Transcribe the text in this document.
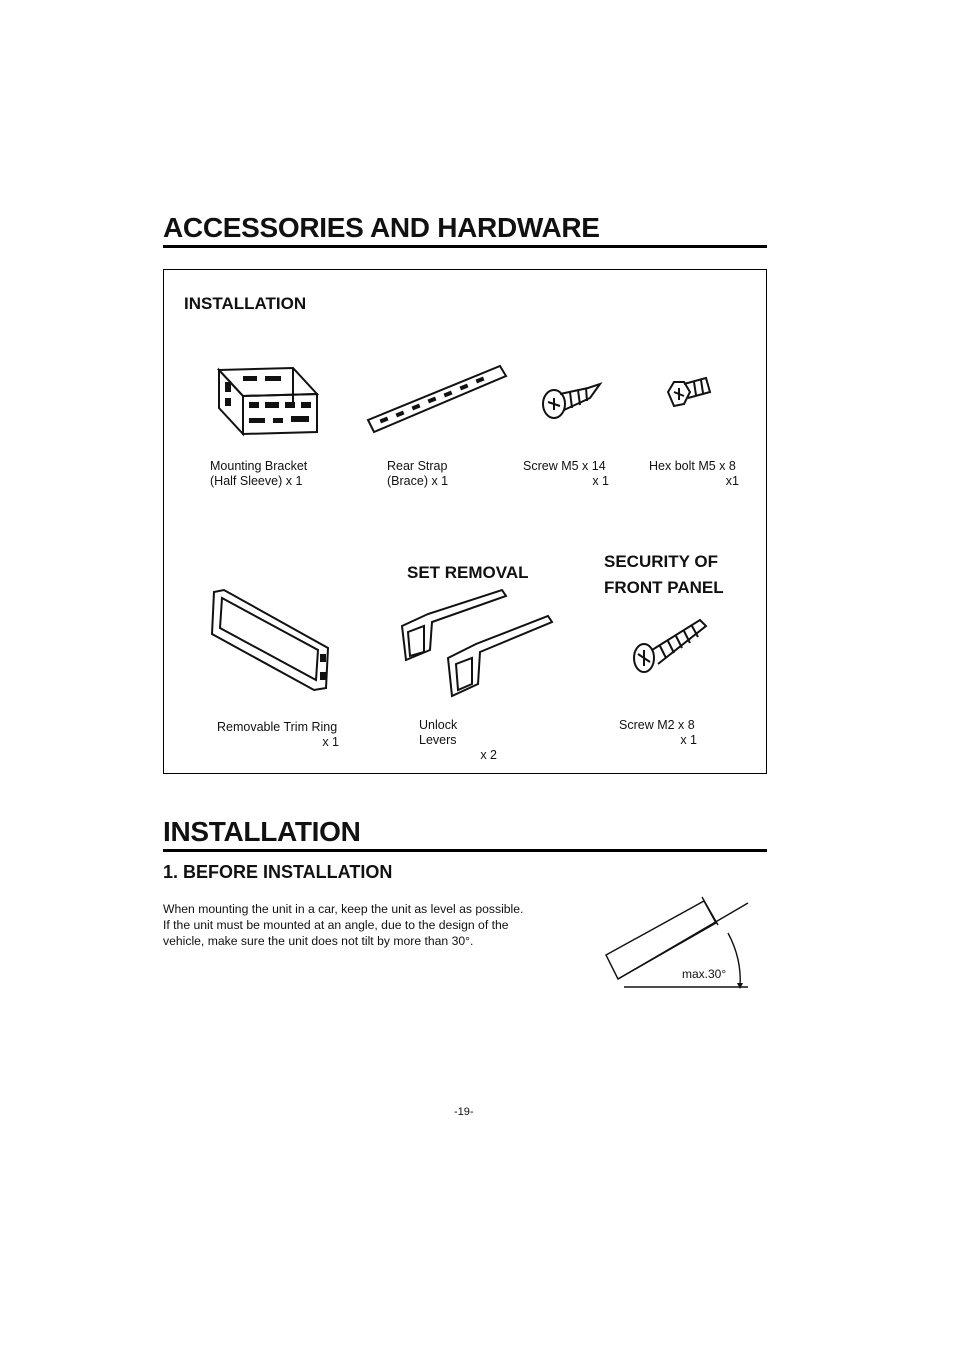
ACCESSORIES AND HARDWARE
INSTALLATION
Mounting Bracket
(Half Sleeve) x 1
Rear Strap
(Brace) x 1
Screw M5 x 14
x 1
Hex bolt M5 x 8
x1
SET REMOVAL
SECURITY OF
FRONT PANEL
Removable Trim Ring
x 1
Unlock Levers
x 2
Screw M2 x 8
x 1
INSTALLATION
1. BEFORE INSTALLATION
When mounting the unit in a car, keep the unit as level as possible.
If the unit must be mounted at an angle, due to the design of the
vehicle, make sure the unit does not tilt by more than 30°.
max.30°
-19-
